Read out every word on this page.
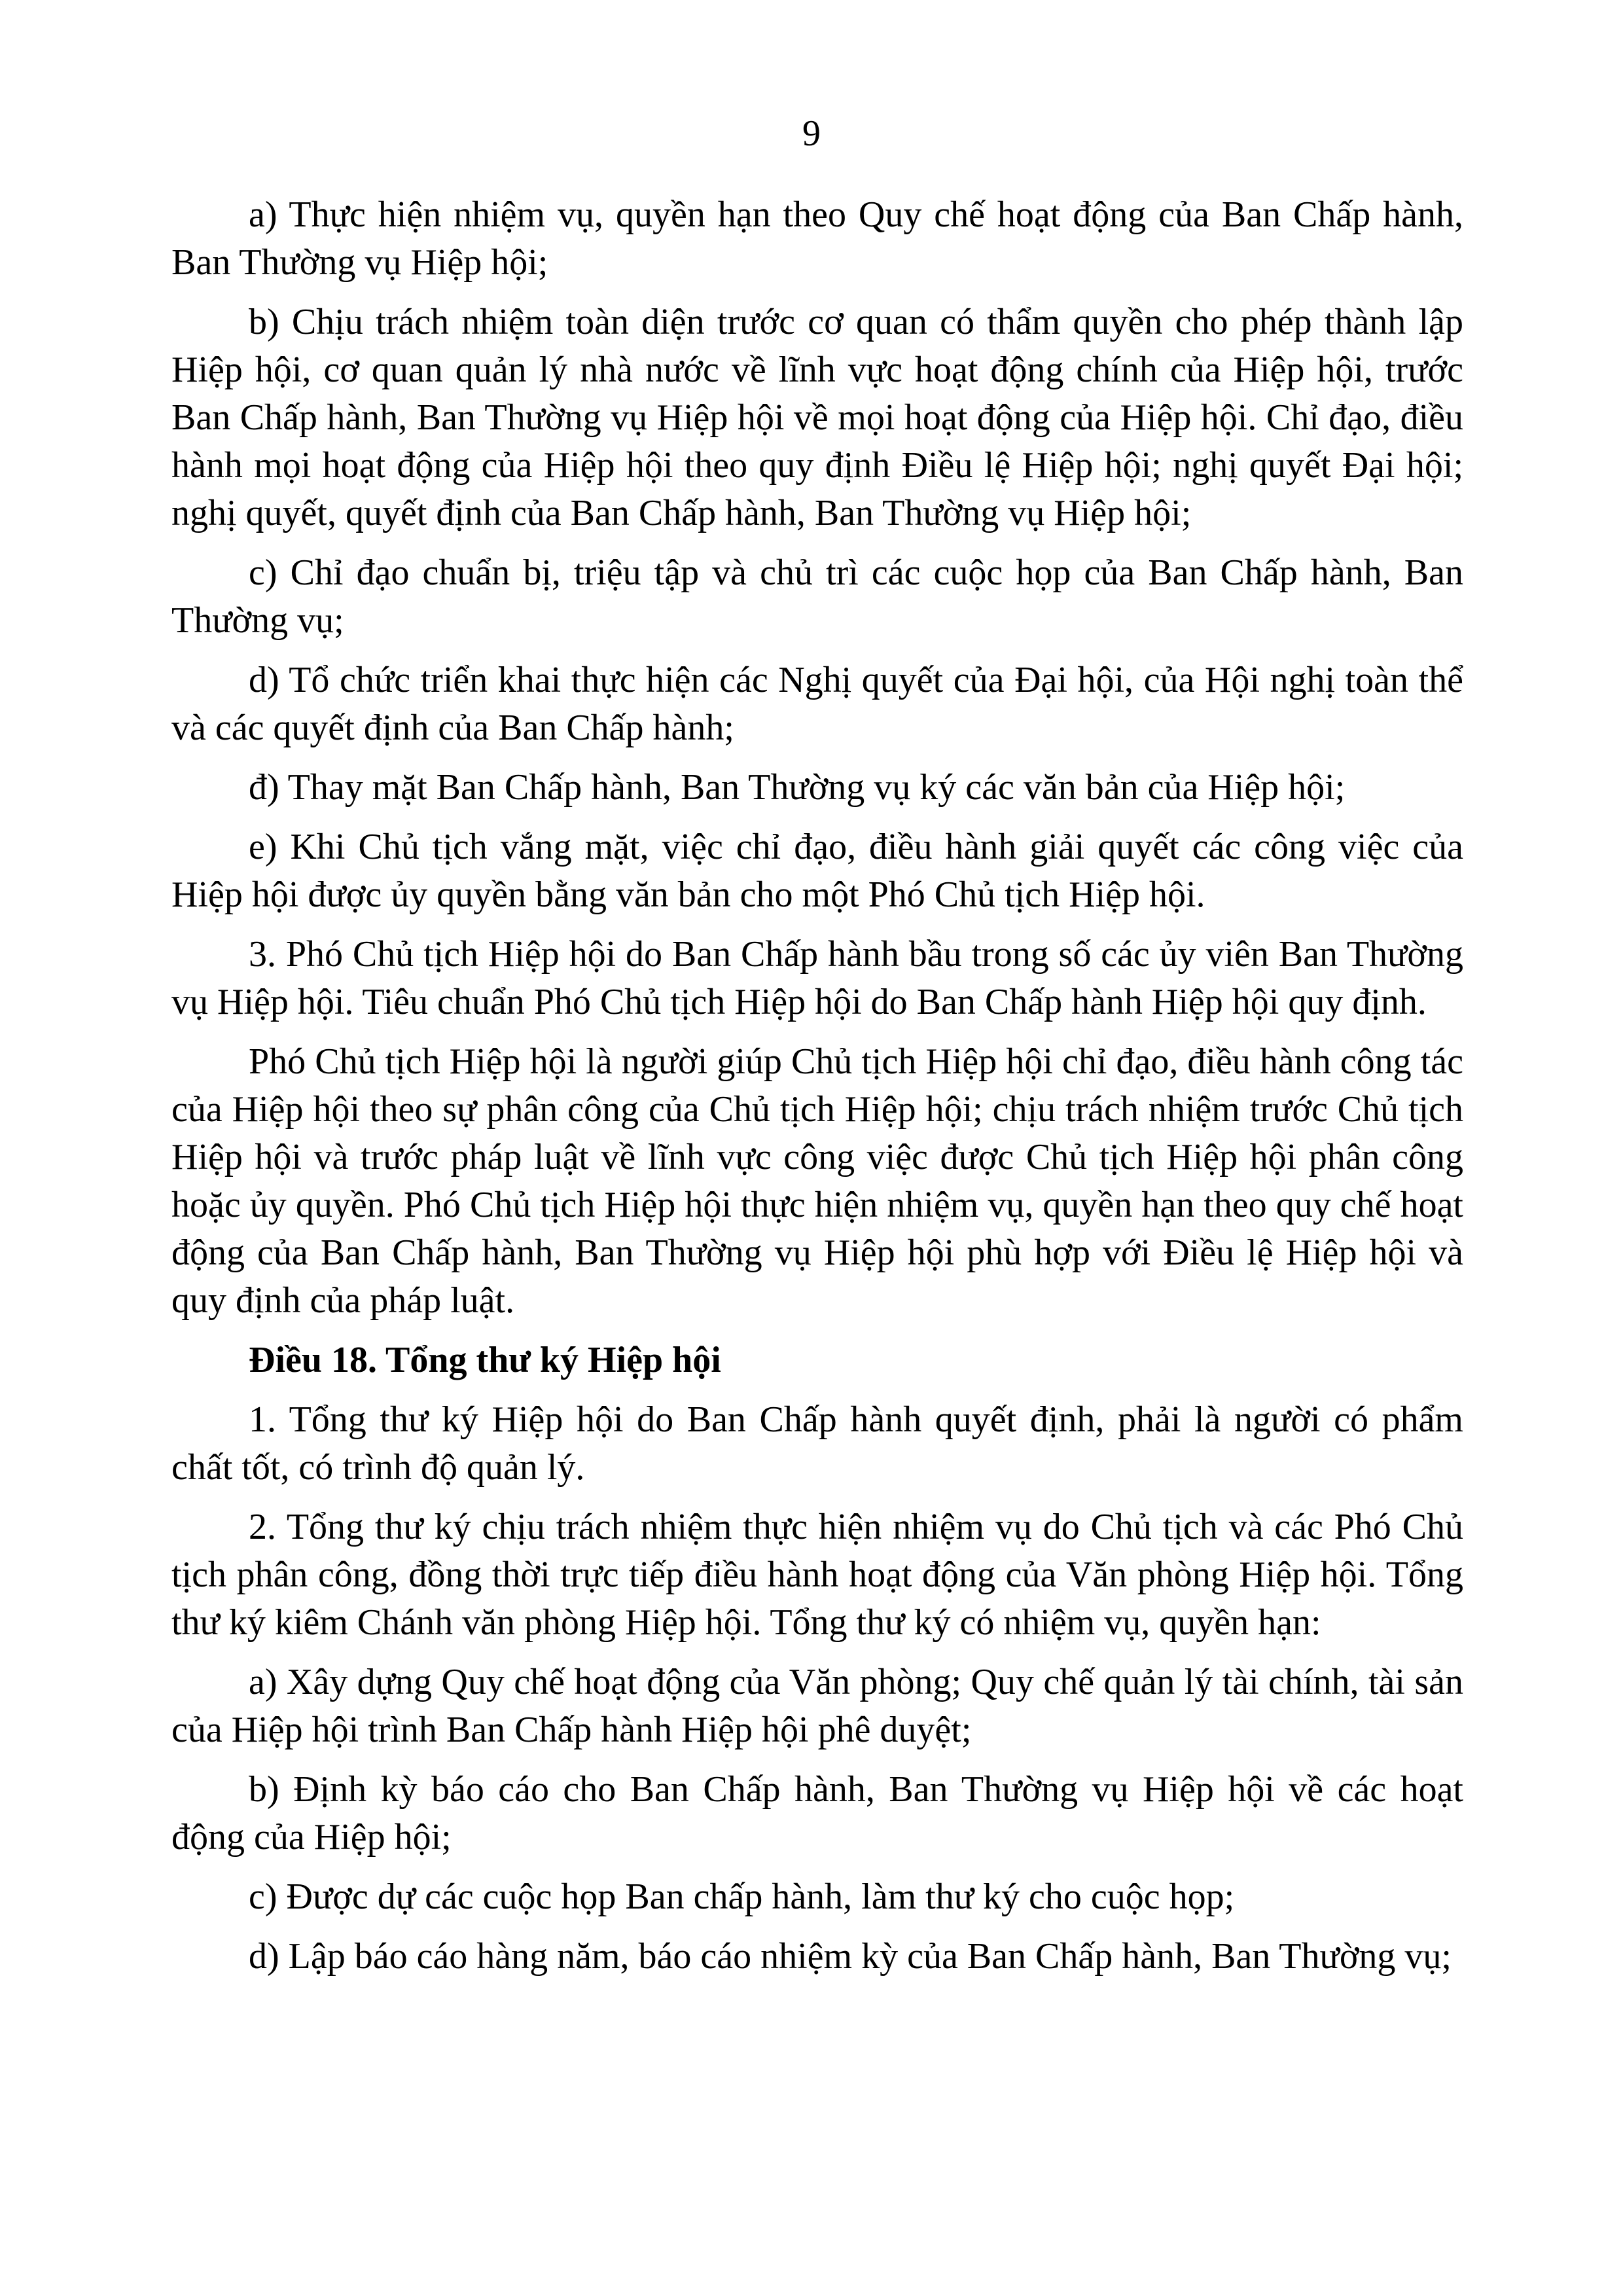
9

a) Thực hiện nhiệm vụ, quyền hạn theo Quy chế hoạt động của Ban Chấp hành, Ban Thường vụ Hiệp hội;

b) Chịu trách nhiệm toàn diện trước cơ quan có thẩm quyền cho phép thành lập Hiệp hội, cơ quan quản lý nhà nước về lĩnh vực hoạt động chính của Hiệp hội, trước Ban Chấp hành, Ban Thường vụ Hiệp hội về mọi hoạt động của Hiệp hội. Chỉ đạo, điều hành mọi hoạt động của Hiệp hội theo quy định Điều lệ Hiệp hội; nghị quyết Đại hội; nghị quyết, quyết định của Ban Chấp hành, Ban Thường vụ Hiệp hội;

c) Chỉ đạo chuẩn bị, triệu tập và chủ trì các cuộc họp của Ban Chấp hành, Ban Thường vụ;

d) Tổ chức triển khai thực hiện các Nghị quyết của Đại hội, của Hội nghị toàn thể và các quyết định của Ban Chấp hành;

đ) Thay mặt Ban Chấp hành, Ban Thường vụ ký các văn bản của Hiệp hội;

e) Khi Chủ tịch vắng mặt, việc chỉ đạo, điều hành giải quyết các công việc của Hiệp hội được ủy quyền bằng văn bản cho một Phó Chủ tịch Hiệp hội.

3. Phó Chủ tịch Hiệp hội do Ban Chấp hành bầu trong số các ủy viên Ban Thường vụ Hiệp hội. Tiêu chuẩn Phó Chủ tịch Hiệp hội do Ban Chấp hành Hiệp hội quy định.

Phó Chủ tịch Hiệp hội là người giúp Chủ tịch Hiệp hội chỉ đạo, điều hành công tác của Hiệp hội theo sự phân công của Chủ tịch Hiệp hội; chịu trách nhiệm trước Chủ tịch Hiệp hội và trước pháp luật về lĩnh vực công việc được Chủ tịch Hiệp hội phân công hoặc ủy quyền. Phó Chủ tịch Hiệp hội thực hiện nhiệm vụ, quyền hạn theo quy chế hoạt động của Ban Chấp hành, Ban Thường vụ Hiệp hội phù hợp với Điều lệ Hiệp hội và quy định của pháp luật.

Điều 18. Tổng thư ký Hiệp hội

1. Tổng thư ký Hiệp hội do Ban Chấp hành quyết định, phải là người có phẩm chất tốt, có trình độ quản lý.

2. Tổng thư ký chịu trách nhiệm thực hiện nhiệm vụ do Chủ tịch và các Phó Chủ tịch phân công, đồng thời trực tiếp điều hành hoạt động của Văn phòng Hiệp hội. Tổng thư ký kiêm Chánh văn phòng Hiệp hội. Tổng thư ký có nhiệm vụ, quyền hạn:

a) Xây dựng Quy chế hoạt động của Văn phòng; Quy chế quản lý tài chính, tài sản của Hiệp hội trình Ban Chấp hành Hiệp hội phê duyệt;

b) Định kỳ báo cáo cho Ban Chấp hành, Ban Thường vụ Hiệp hội về các hoạt động của Hiệp hội;

c) Được dự các cuộc họp Ban chấp hành, làm thư ký cho cuộc họp;

d) Lập báo cáo hàng năm, báo cáo nhiệm kỳ của Ban Chấp hành, Ban Thường vụ;
